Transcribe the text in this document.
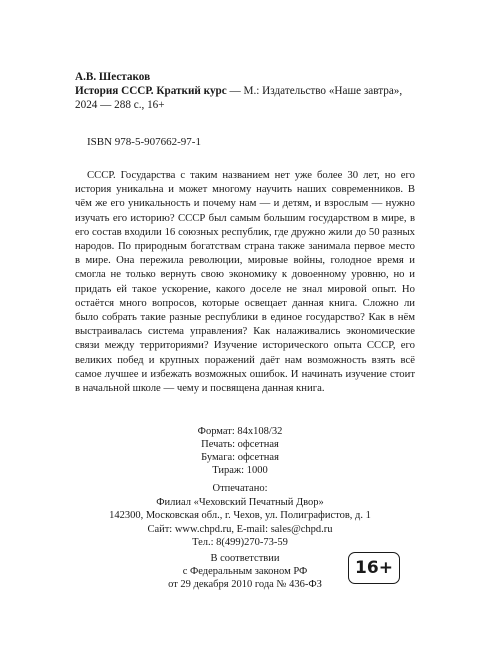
А.В. Шестаков
История СССР. Краткий курс — М.: Издательство «Наше завтра»,
2024 — 288 с., 16+
ISBN 978-5-907662-97-1

СССР. Государства с таким названием нет уже более 30 лет, но его история уникальна и может многому научить наших современников. В чём же его уникальность и почему нам — и детям, и взрослым — нужно изучать его историю? СССР был самым большим государством в мире, в его состав входили 16 союзных республик, где дружно жили до 50 разных народов. По природным богатствам страна также занимала первое место в мире. Она пережила революции, мировые войны, голодное время и смогла не только вернуть свою экономику к довоенному уровню, но и придать ей такое ускорение, какого доселе не знал мировой опыт. Но остаётся много вопросов, которые освещает данная книга. Сложно ли было собрать такие разные республики в единое государство? Как в нём выстраивалась система управления? Как налаживались экономические связи между территориями? Изучение исторического опыта СССР, его великих побед и крупных поражений даёт нам возможность взять всё самое лучшее и избежать возможных ошибок. И начинать изучение стоит в начальной школе — чему и посвящена данная книга.

Формат: 84х108/32
Печать: офсетная
Бумага: офсетная
Тираж: 1000
Отпечатано:
Филиал «Чеховский Печатный Двор»
142300, Московская обл., г. Чехов, ул. Полиграфистов, д. 1
Сайт: www.chpd.ru, E-mail: sales@chpd.ru
Тел.: 8(499)270-73-59
В соответствии
с Федеральным законом РФ
от 29 декабря 2010 года № 436-ФЗ
16+
